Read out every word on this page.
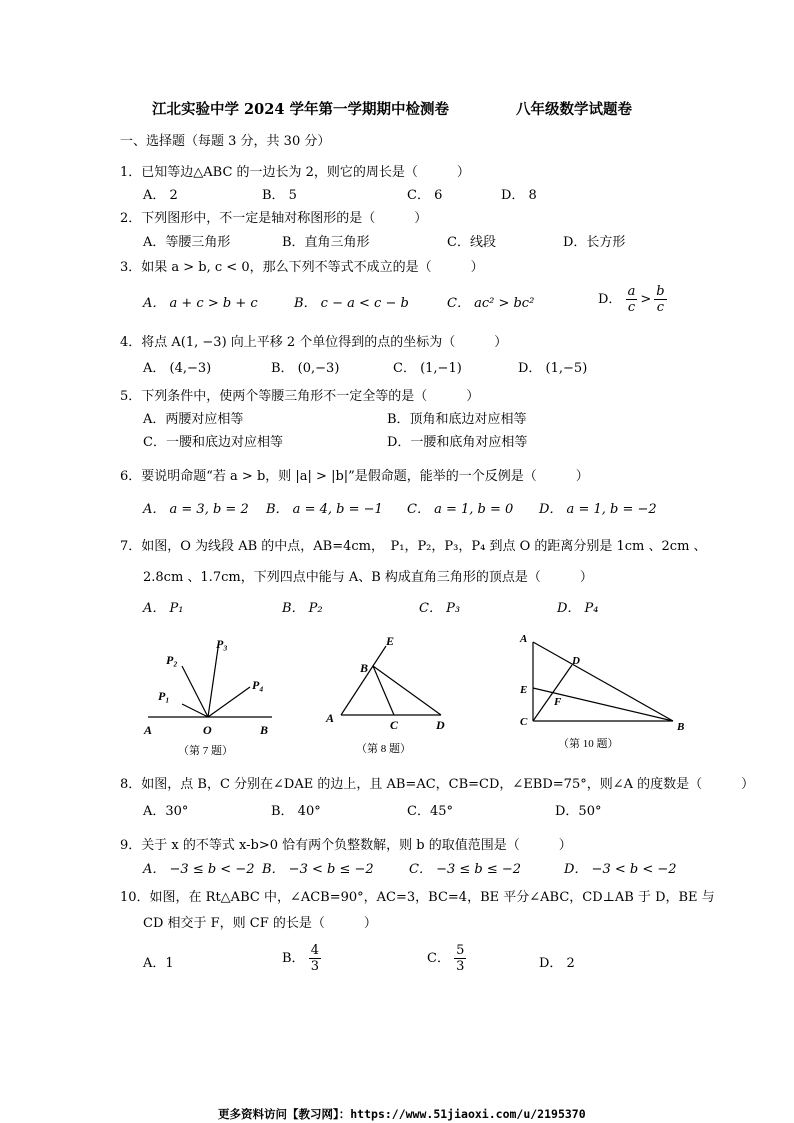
江北实验中学 2024 学年第一学期期中检测卷	八年级数学试题卷
一、选择题（每题 3 分，共 30 分）
1．已知等边△ABC 的一边长为 2，则它的周长是（　　　）
A． 2	B． 5	C． 6	D． 8
2．下列图形中，不一定是轴对称图形的是（　　　）
A．等腰三角形	B．直角三角形	C．线段	D．长方形
3．如果 a > b, c < 0，那么下列不等式不成立的是（　　　）
A． a + c > b + c	B． c − a < c − b	C． ac² > bc²	D． $\frac{a}{c} > \frac{b}{c}$
4．将点 A(1, −3) 向上平移 2 个单位得到的点的坐标为（　　　）
A． (4,−3)	B． (0,−3)	C． (1,−1)	D． (1,−5)
5．下列条件中，使两个等腰三角形不一定全等的是（　　　）
A．两腰对应相等	B．顶角和底边对应相等
C．一腰和底边对应相等	D．一腰和底角对应相等
6．要说明命题“若 a > b，则 |a| > |b|”是假命题，能举的一个反例是（　　　）
A． a = 3, b = 2 B． a = 4, b = −1 C． a = 1, b = 0 D． a = 1, b = −2
7．如图，O 为线段 AB 的中点，AB=4cm，　P₁，P₂，P₃，P₄ 到点 O 的距离分别是 1cm 、2cm 、
2.8cm 、1.7cm，下列四点中能与 A、B 构成直角三角形的顶点是（　　　）
A． P₁	B． P₂	C． P₃	D． P₄
A	O	B
P₁
P₂
P₃
P₄
（第 7 题）
E
B
A	C	D
（第 8 题）
A
D
E
F
C	B
（第 10 题）
8．如图，点 B，C 分别在∠DAE 的边上，且 AB=AC，CB=CD，∠EBD=75°，则∠A 的度数是（　　　）
A．30°	B． 40°	C．45°	D．50°
9．关于 x 的不等式 x-b>0 恰有两个负整数解，则 b 的取值范围是（　　　）
A． −3 ≤ b < −2 B． −3 < b ≤ −2	C． −3 ≤ b ≤ −2	D． −3 < b < −2
10．如图，在 Rt△ABC 中，∠ACB=90°，AC=3，BC=4，BE 平分∠ABC，CD⊥AB 于 D，BE 与
CD 相交于 F，则 CF 的长是（　　　）
A．1	B． $\frac{4}{3}$	C． $\frac{5}{3}$	D． 2
更多资料访问【教习网】：https://www.51jiaoxi.com/u/2195370
